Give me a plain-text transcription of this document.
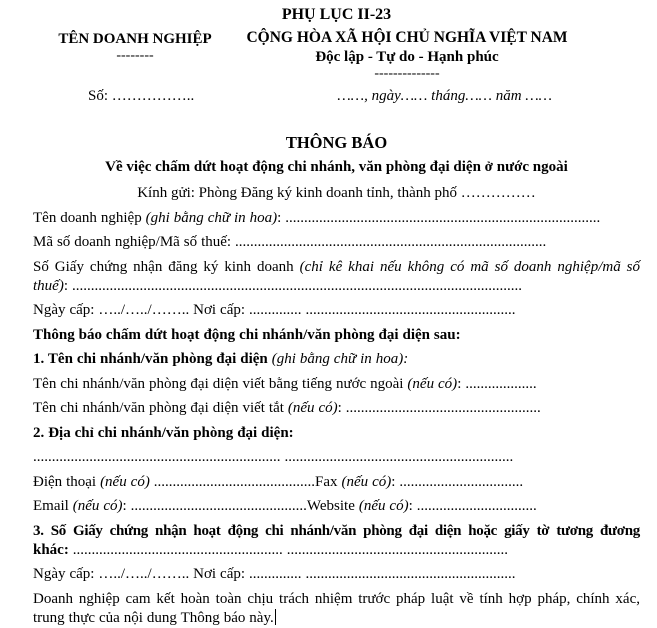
PHỤ LỤC II-23
TÊN DOANH NGHIỆP
--------
CỘNG HÒA XÃ HỘI CHỦ NGHĨA VIỆT NAM
Độc lập - Tự do - Hạnh phúc
--------------
Số: ……………..	……, ngày…… tháng…… năm ……
THÔNG BÁO
Về việc chấm dứt hoạt động chi nhánh, văn phòng đại diện ở nước ngoài
Kính gửi: Phòng Đăng ký kinh doanh tỉnh, thành phố ……………

Tên doanh nghiệp (ghi bằng chữ in hoa): ....................................................................................

Mã số doanh nghiệp/Mã số thuế: ...................................................................................

Số Giấy chứng nhận đăng ký kinh doanh (chỉ kê khai nếu không có mã số doanh nghiệp/mã số

thuế): ........................................................................................................................

Ngày cấp: …../…../…….. Nơi cấp: .............. ........................................................

Thông báo chấm dứt hoạt động chi nhánh/văn phòng đại diện sau:

1. Tên chi nhánh/văn phòng đại diện (ghi bằng chữ in hoa):

Tên chi nhánh/văn phòng đại diện viết bằng tiếng nước ngoài (nếu có): ...................

Tên chi nhánh/văn phòng đại diện viết tắt (nếu có): ....................................................

2. Địa chỉ chi nhánh/văn phòng đại diện:

.................................................................. .............................................................

Điện thoại (nếu có) ...........................................Fax (nếu có): .................................

Email (nếu có): ...............................................Website (nếu có): ................................

3. Số Giấy chứng nhận hoạt động chi nhánh/văn phòng đại diện hoặc giấy tờ tương đương

khác: ........................................................ ...........................................................

Ngày cấp: …../…../…….. Nơi cấp: .............. ........................................................

Doanh nghiệp cam kết hoàn toàn chịu trách nhiệm trước pháp luật về tính hợp pháp, chính xác,

trung thực của nội dung Thông báo này.
